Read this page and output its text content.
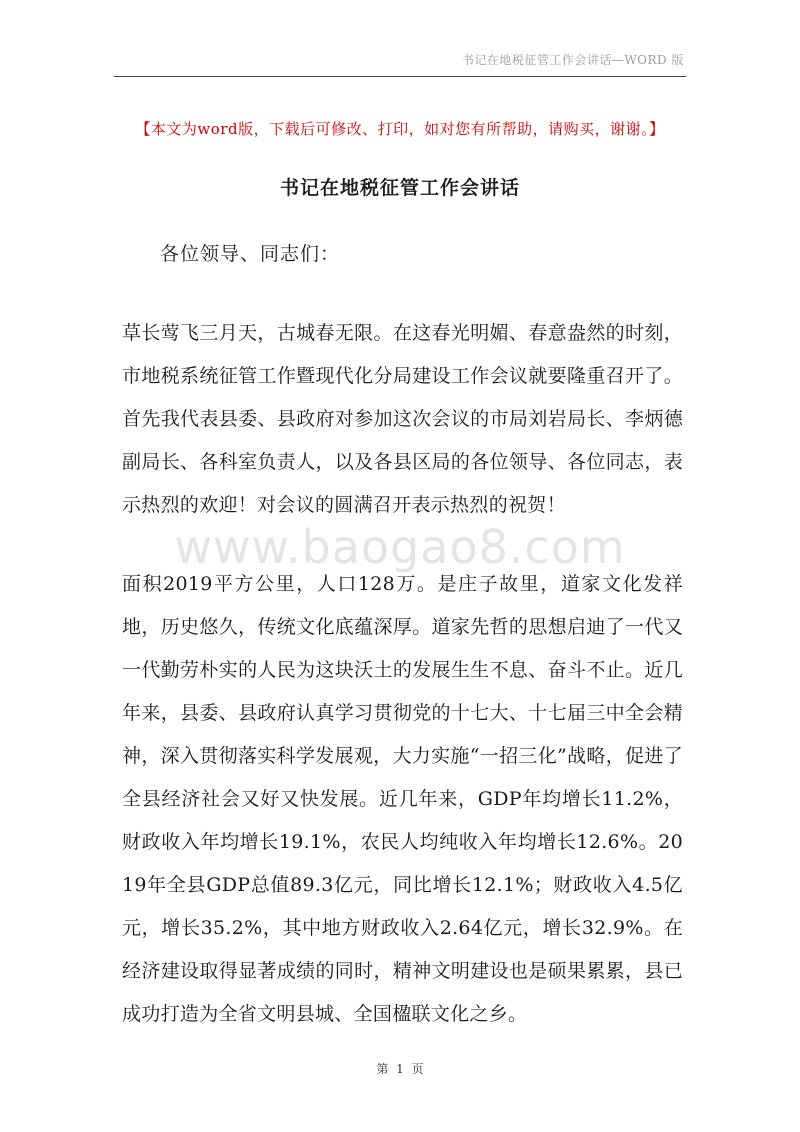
书记在地税征管工作会讲话—WORD 版
【本文为word版，下载后可修改、打印，如对您有所帮助，请购买，谢谢。】
书记在地税征管工作会讲话
各位领导、同志们：
草长莺飞三月天，古城春无限。在这春光明媚、春意盎然的时刻，市地税系统征管工作暨现代化分局建设工作会议就要隆重召开了。首先我代表县委、县政府对参加这次会议的市局刘岩局长、李炳德副局长、各科室负责人，以及各县区局的各位领导、各位同志，表示热烈的欢迎！对会议的圆满召开表示热烈的祝贺！
www.baogao8.com
面积2019平方公里，人口128万。是庄子故里，道家文化发祥地，历史悠久，传统文化底蕴深厚。道家先哲的思想启迪了一代又一代勤劳朴实的人民为这块沃土的发展生生不息、奋斗不止。近几年来，县委、县政府认真学习贯彻党的十七大、十七届三中全会精神，深入贯彻落实科学发展观，大力实施“一招三化”战略，促进了全县经济社会又好又快发展。近几年来，GDP年均增长11.2%，财政收入年均增长19.1%，农民人均纯收入年均增长12.6%。2019年全县GDP总值89.3亿元，同比增长12.1%；财政收入4.5亿元，增长35.2%，其中地方财政收入2.64亿元，增长32.9%。在经济建设取得显著成绩的同时，精神文明建设也是硕果累累，县已成功打造为全省文明县城、全国楹联文化之乡。
第 1 页
